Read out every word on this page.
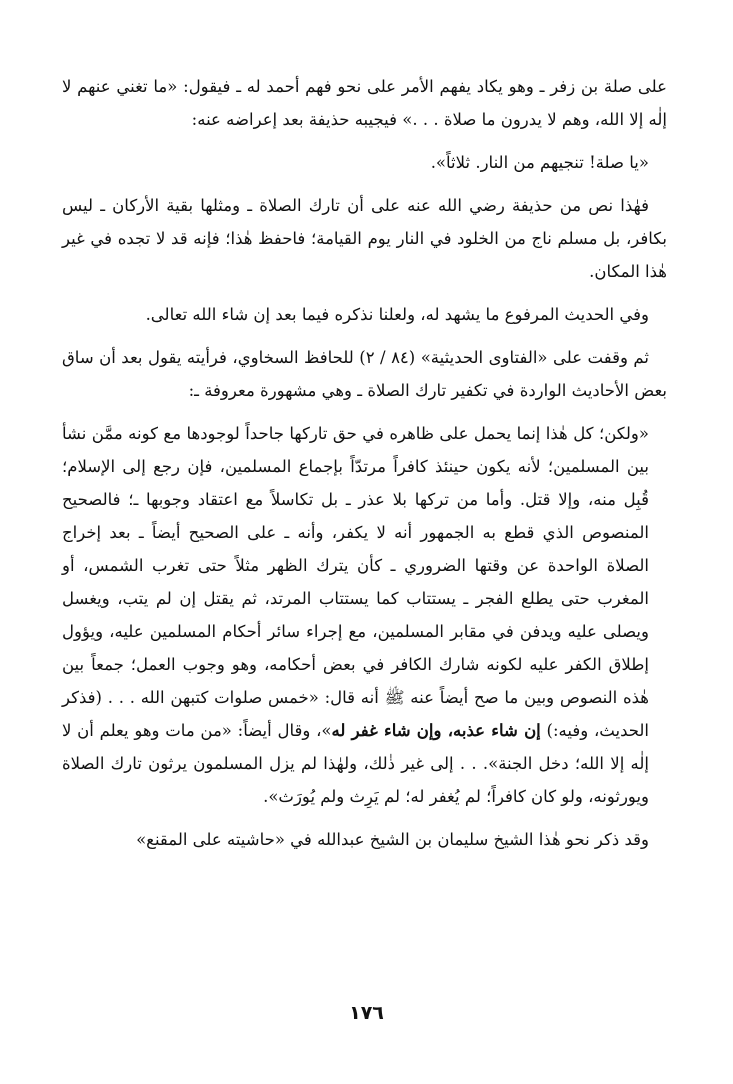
على صلة بن زفر ـ وهو يكاد يفهم الأمر على نحو فهم أحمد له ـ فيقول: «ما تغني عنهم لا إلٰه إلا الله، وهم لا يدرون ما صلاة . . .» فيجيبه حذيفة بعد إعراضه عنه:

«يا صلة! تنجيهم من النار. ثلاثاً».

فهٰذا نص من حذيفة رضي الله عنه على أن تارك الصلاة ـ ومثلها بقية الأركان ـ ليس بكافر، بل مسلم ناج من الخلود في النار يوم القيامة؛ فاحفظ هٰذا؛ فإنه قد لا تجده في غير هٰذا المكان.

وفي الحديث المرفوع ما يشهد له، ولعلنا نذكره فيما بعد إن شاء الله تعالى.

ثم وقفت على «الفتاوى الحديثية» (٨٤ / ٢) للحافظ السخاوي، فرأيته يقول بعد أن ساق بعض الأحاديث الواردة في تكفير تارك الصلاة ـ وهي مشهورة معروفة ـ:

«ولكن؛ كل هٰذا إنما يحمل على ظاهره في حق تاركها جاحداً لوجودها مع كونه ممَّن نشأ بين المسلمين؛ لأنه يكون حينئذ كافراً مرتدّاً بإجماع المسلمين، فإن رجع إلى الإسلام؛ قُبِل منه، وإلا قتل. وأما من تركها بلا عذر ـ بل تكاسلاً مع اعتقاد وجوبها ـ؛ فالصحيح المنصوص الذي قطع به الجمهور أنه لا يكفر، وأنه ـ على الصحيح أيضاً ـ بعد إخراج الصلاة الواحدة عن وقتها الضروري ـ كأن يترك الظهر مثلاً حتى تغرب الشمس، أو المغرب حتى يطلع الفجر ـ يستتاب كما يستتاب المرتد، ثم يقتل إن لم يتب، ويغسل ويصلى عليه ويدفن في مقابر المسلمين، مع إجراء سائر أحكام المسلمين عليه، ويؤول إطلاق الكفر عليه لكونه شارك الكافر في بعض أحكامه، وهو وجوب العمل؛ جمعاً بين هٰذه النصوص وبين ما صح أيضاً عنه ﷺ أنه قال: «خمس صلوات كتبهن الله . . . (فذكر الحديث، وفيه:) إن شاء عذبه، وإن شاء غفر له»، وقال أيضاً: «من مات وهو يعلم أن لا إلٰه إلا الله؛ دخل الجنة». . . إلى غير ذٰلك، ولهٰذا لم يزل المسلمون يرثون تارك الصلاة ويورثونه، ولو كان كافراً؛ لم يُغفر له؛ لم يَرِث ولم يُورَث».

وقد ذكر نحو هٰذا الشيخ سليمان بن الشيخ عبدالله في «حاشيته على المقنع»

١٧٦
